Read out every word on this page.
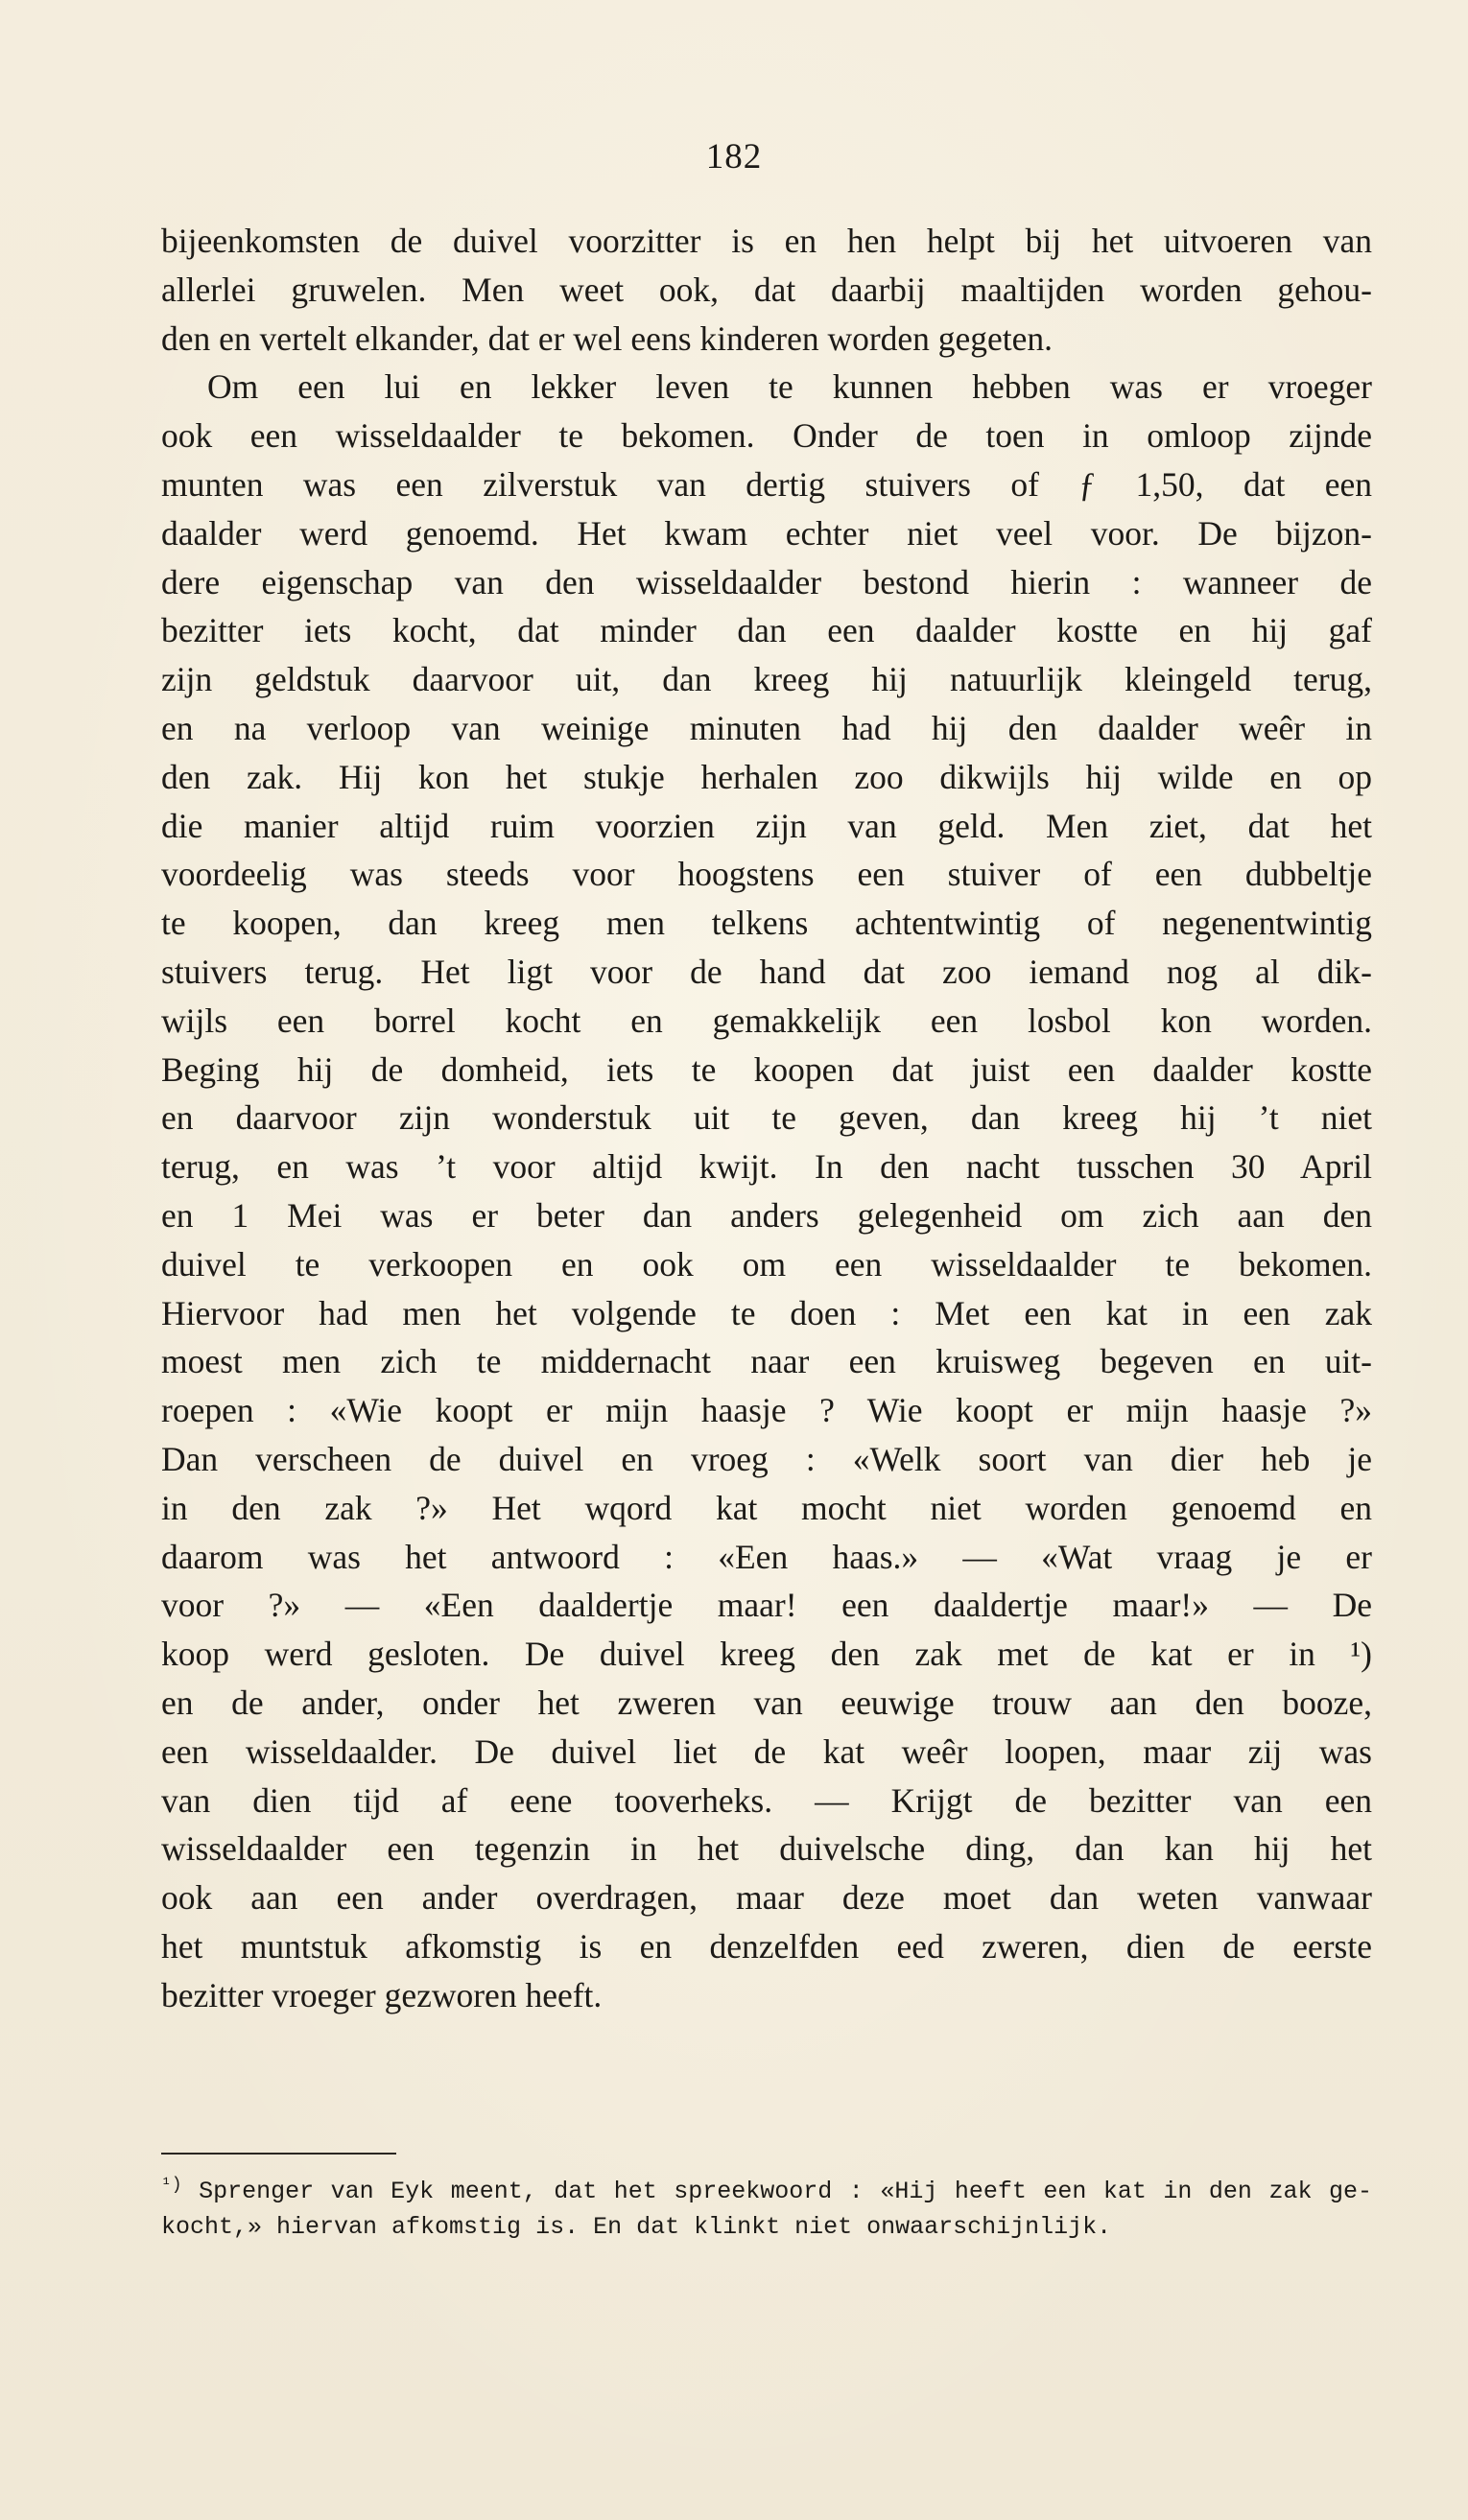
182
bijeenkomsten de duivel voorzitter is en hen helpt bij het uitvoeren van
allerlei gruwelen. Men weet ook, dat daarbij maaltijden worden gehou-
den en vertelt elkander, dat er wel eens kinderen worden gegeten.
Om een lui en lekker leven te kunnen hebben was er vroeger
ook een wisseldaalder te bekomen. Onder de toen in omloop zijnde
munten was een zilverstuk van dertig stuivers of ƒ 1,50, dat een
daalder werd genoemd. Het kwam echter niet veel voor. De bijzon-
dere eigenschap van den wisseldaalder bestond hierin : wanneer de
bezitter iets kocht, dat minder dan een daalder kostte en hij gaf
zijn geldstuk daarvoor uit, dan kreeg hij natuurlijk kleingeld terug,
en na verloop van weinige minuten had hij den daalder weêr in
den zak. Hij kon het stukje herhalen zoo dikwijls hij wilde en op
die manier altijd ruim voorzien zijn van geld. Men ziet, dat het
voordeelig was steeds voor hoogstens een stuiver of een dubbeltje
te koopen, dan kreeg men telkens achtentwintig of negenentwintig
stuivers terug. Het ligt voor de hand dat zoo iemand nog al dik-
wijls een borrel kocht en gemakkelijk een losbol kon worden.
Beging hij de domheid, iets te koopen dat juist een daalder kostte
en daarvoor zijn wonderstuk uit te geven, dan kreeg hij ’t niet
terug, en was ’t voor altijd kwijt. In den nacht tusschen 30 April
en 1 Mei was er beter dan anders gelegenheid om zich aan den
duivel te verkoopen en ook om een wisseldaalder te bekomen.
Hiervoor had men het volgende te doen : Met een kat in een zak
moest men zich te middernacht naar een kruisweg begeven en uit-
roepen : «Wie koopt er mijn haasje ? Wie koopt er mijn haasje ?»
Dan verscheen de duivel en vroeg : «Welk soort van dier heb je
in den zak ?» Het wqord kat mocht niet worden genoemd en
daarom was het antwoord : «Een haas.» — «Wat vraag je er
voor ?» — «Een daaldertje maar! een daaldertje maar!» — De
koop werd gesloten. De duivel kreeg den zak met de kat er in ¹)
en de ander, onder het zweren van eeuwige trouw aan den booze,
een wisseldaalder. De duivel liet de kat weêr loopen, maar zij was
van dien tijd af eene tooverheks. — Krijgt de bezitter van een
wisseldaalder een tegenzin in het duivelsche ding, dan kan hij het
ook aan een ander overdragen, maar deze moet dan weten vanwaar
het muntstuk afkomstig is en denzelfden eed zweren, dien de eerste
bezitter vroeger gezworen heeft.
$^{^1)}$ Sprenger van Eyk meent, dat het spreekwoord : «Hij heeft een kat in den zak ge-
kocht,» hiervan afkomstig is. En dat klinkt niet onwaarschijnlijk.
